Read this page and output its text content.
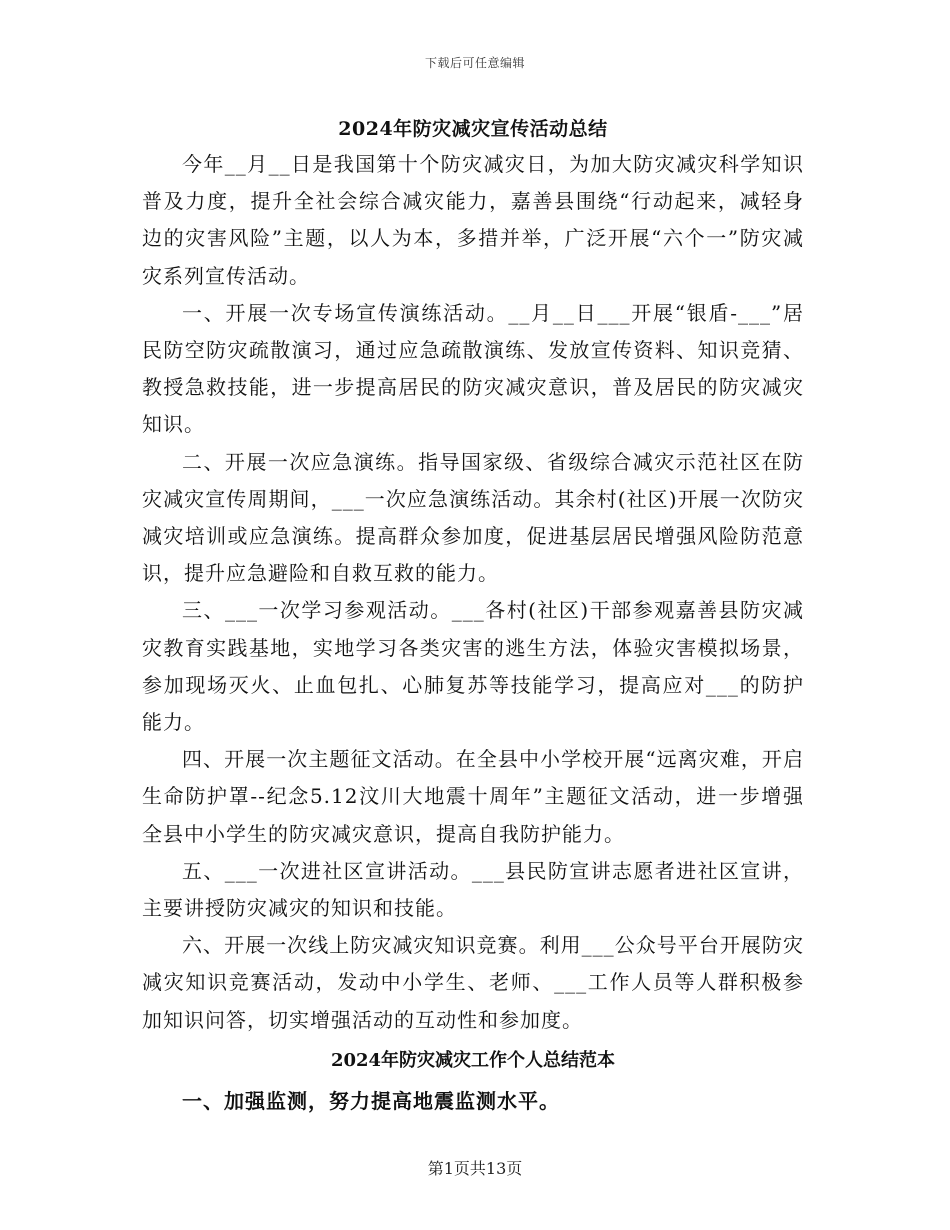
下载后可任意编辑
2024年防灾减灾宣传活动总结

今年__月__日是我国第十个防灾减灾日，为加大防灾减灾科学知识普及力度，提升全社会综合减灾能力，嘉善县围绕“行动起来，减轻身边的灾害风险”主题，以人为本，多措并举，广泛开展“六个一”防灾减灾系列宣传活动。

一、开展一次专场宣传演练活动。__月__日___开展“银盾-___”居民防空防灾疏散演习，通过应急疏散演练、发放宣传资料、知识竞猜、教授急救技能，进一步提高居民的防灾减灾意识，普及居民的防灾减灾知识。

二、开展一次应急演练。指导国家级、省级综合减灾示范社区在防灾减灾宣传周期间，___一次应急演练活动。其余村(社区)开展一次防灾减灾培训或应急演练。提高群众参加度，促进基层居民增强风险防范意识，提升应急避险和自救互救的能力。

三、___一次学习参观活动。___各村(社区)干部参观嘉善县防灾减灾教育实践基地，实地学习各类灾害的逃生方法，体验灾害模拟场景，参加现场灭火、止血包扎、心肺复苏等技能学习，提高应对___的防护能力。

四、开展一次主题征文活动。在全县中小学校开展“远离灾难，开启生命防护罩--纪念5.12汶川大地震十周年”主题征文活动，进一步增强全县中小学生的防灾减灾意识，提高自我防护能力。

五、___一次进社区宣讲活动。___县民防宣讲志愿者进社区宣讲，主要讲授防灾减灾的知识和技能。

六、开展一次线上防灾减灾知识竞赛。利用___公众号平台开展防灾减灾知识竞赛活动，发动中小学生、老师、___工作人员等人群积极参加知识问答，切实增强活动的互动性和参加度。

2024年防灾减灾工作个人总结范本
一、加强监测，努力提高地震监测水平。
第1页共13页
